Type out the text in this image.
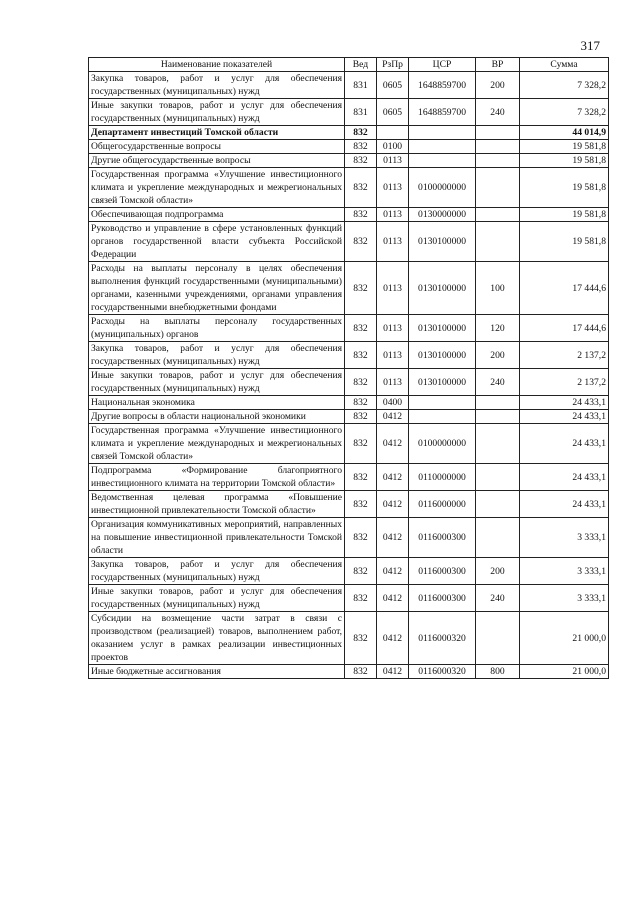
317
Наименование показателей	Вед	РзПр	ЦСР	ВР	Сумма
Закупка товаров, работ и услуг для обеспечения государственных (муниципальных) нужд	831	0605	1648859700	200	7 328,2
Иные закупки товаров, работ и услуг для обеспечения государственных (муниципальных) нужд	831	0605	1648859700	240	7 328,2
Департамент инвестиций Томской области	832				44 014,9
Общегосударственные вопросы	832	0100			19 581,8
Другие общегосударственные вопросы	832	0113			19 581,8
Государственная программа «Улучшение инвестиционного климата и укрепление международных и межрегиональных связей Томской области»	832	0113	0100000000		19 581,8
Обеспечивающая подпрограмма	832	0113	0130000000		19 581,8
Руководство и управление в сфере установленных функций органов государственной власти субъекта Российской Федерации	832	0113	0130100000		19 581,8
Расходы на выплаты персоналу в целях обеспечения выполнения функций государственными (муниципальными) органами, казенными учреждениями, органами управления государственными внебюджетными фондами	832	0113	0130100000	100	17 444,6
Расходы на выплаты персоналу государственных (муниципальных) органов	832	0113	0130100000	120	17 444,6
Закупка товаров, работ и услуг для обеспечения государственных (муниципальных) нужд	832	0113	0130100000	200	2 137,2
Иные закупки товаров, работ и услуг для обеспечения государственных (муниципальных) нужд	832	0113	0130100000	240	2 137,2
Национальная экономика	832	0400			24 433,1
Другие вопросы в области национальной экономики	832	0412			24 433,1
Государственная программа «Улучшение инвестиционного климата и укрепление международных и межрегиональных связей Томской области»	832	0412	0100000000		24 433,1
Подпрограмма «Формирование благоприятного инвестиционного климата на территории Томской области»	832	0412	0110000000		24 433,1
Ведомственная целевая программа «Повышение инвестиционной привлекательности Томской области»	832	0412	0116000000		24 433,1
Организация коммуникативных мероприятий, направленных на повышение инвестиционной привлекательности Томской области	832	0412	0116000300		3 333,1
Закупка товаров, работ и услуг для обеспечения государственных (муниципальных) нужд	832	0412	0116000300	200	3 333,1
Иные закупки товаров, работ и услуг для обеспечения государственных (муниципальных) нужд	832	0412	0116000300	240	3 333,1
Субсидии на возмещение части затрат в связи с производством (реализацией) товаров, выполнением работ, оказанием услуг в рамках реализации инвестиционных проектов	832	0412	0116000320		21 000,0
Иные бюджетные ассигнования	832	0412	0116000320	800	21 000,0
